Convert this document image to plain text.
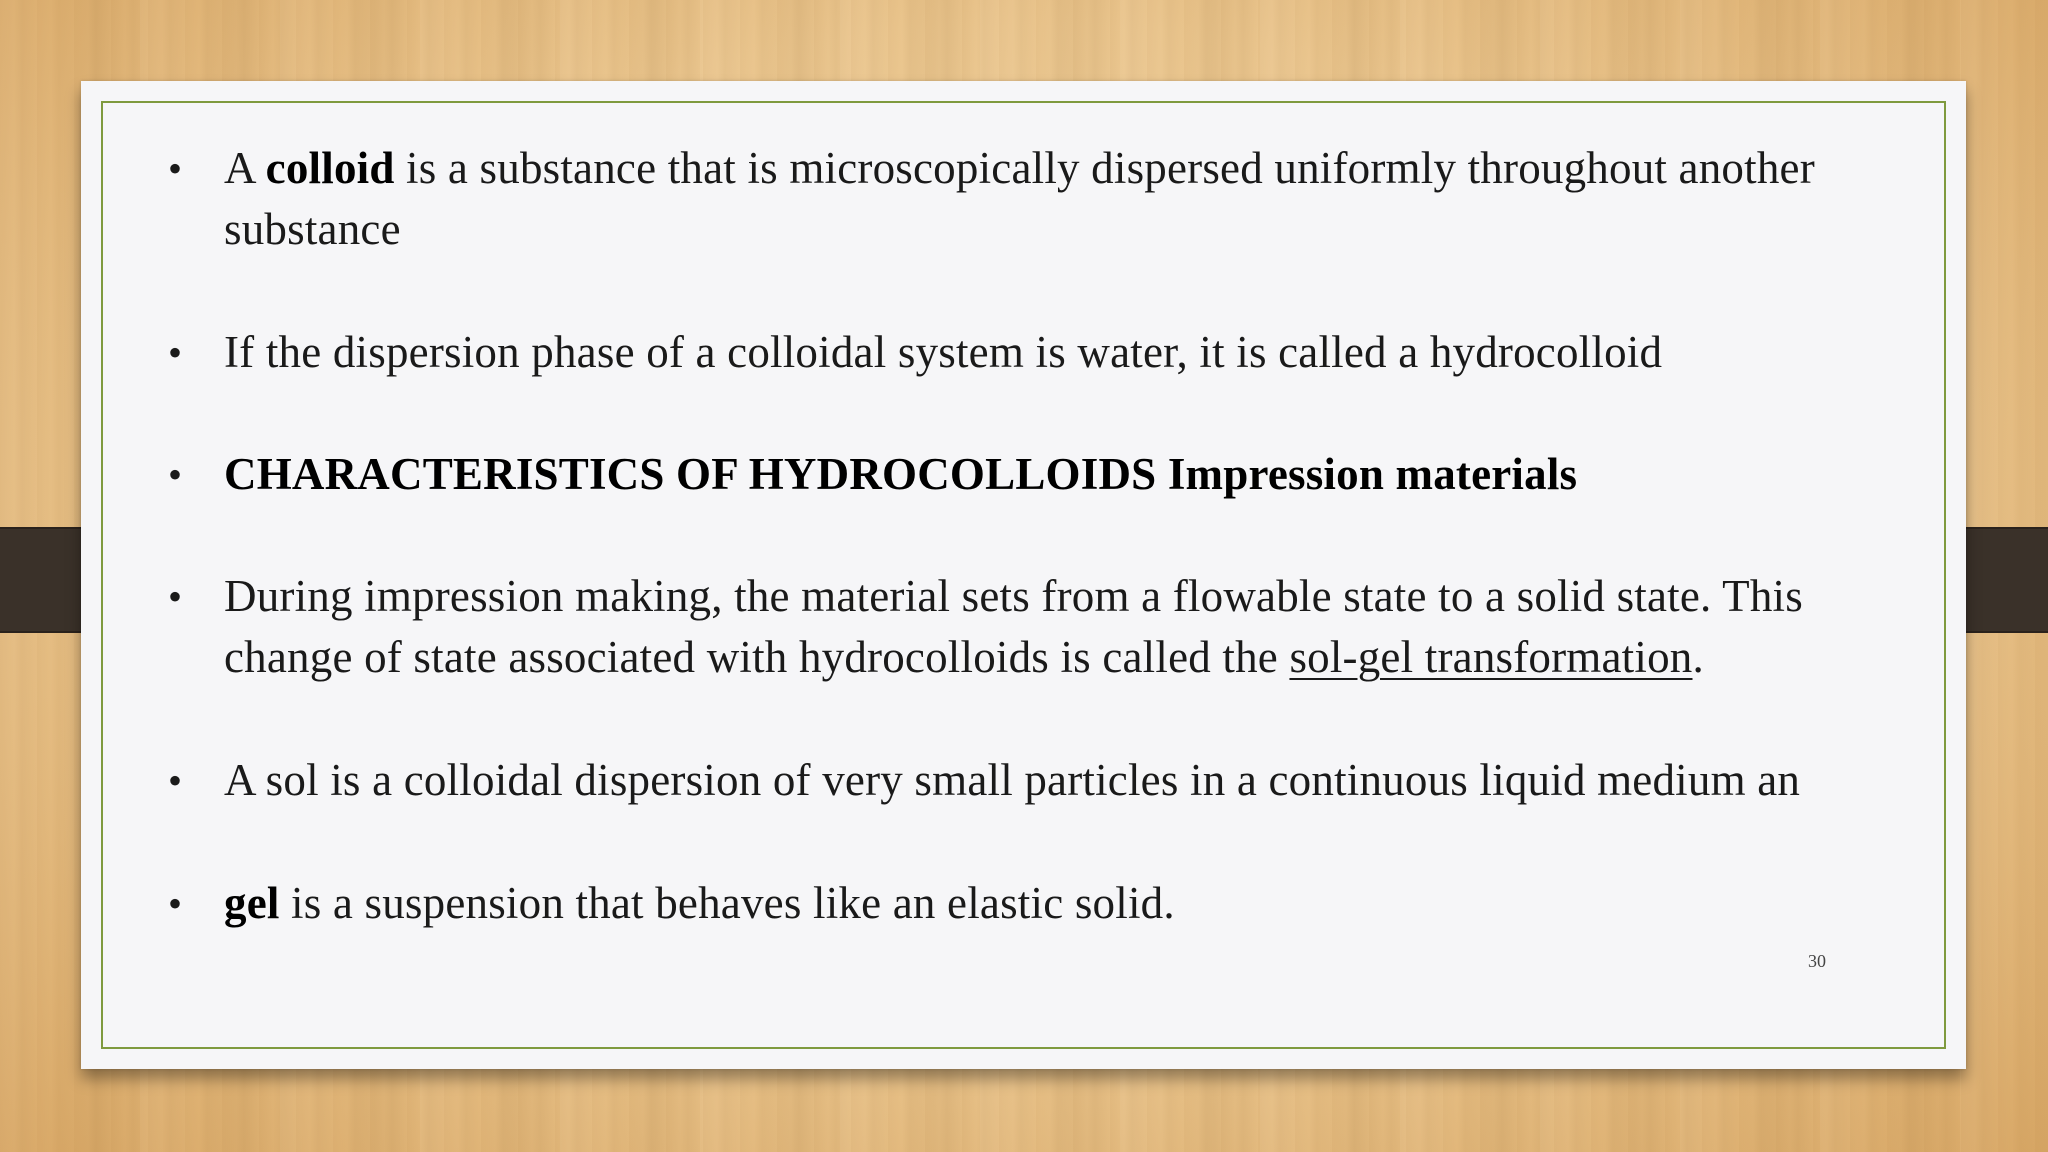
• A colloid is a substance that is microscopically dispersed uniformly throughout another substance
• If the dispersion phase of a colloidal system is water, it is called a hydrocolloid
• CHARACTERISTICS OF HYDROCOLLOIDS Impression materials
• During impression making, the material sets from a flowable state to a solid state. This change of state associated with hydrocolloids is called the sol-gel transformation.
• A sol is a colloidal dispersion of very small particles in a continuous liquid medium an
• gel is a suspension that behaves like an elastic solid.
30
